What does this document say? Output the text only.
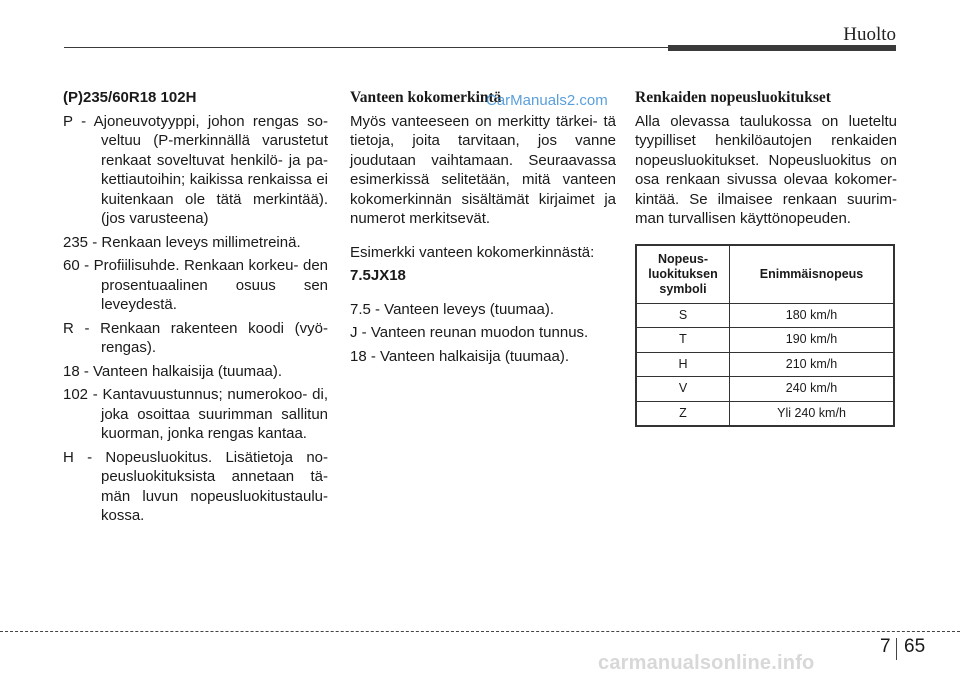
Huolto
(P)235/60R18 102H

P - Ajoneuvotyyppi, johon rengas so- veltuu (P-merkinnällä varustetut renkaat soveltuvat henkilö- ja pa- kettiautoihin; kaikissa renkaissa ei kuitenkaan ole tätä merkintää). (jos varusteena)

235 - Renkaan leveys millimetreinä.

60 - Profiilisuhde. Renkaan korkeu- den prosentuaalinen osuus sen leveydestä.

R - Renkaan rakenteen koodi (vyö- rengas).

18 - Vanteen halkaisija (tuumaa).

102 - Kantavuustunnus; numerokoo- di, joka osoittaa suurimman sallitun kuorman, jonka rengas kantaa.

H - Nopeusluokitus. Lisätietoja no- peusluokituksista annetaan tä- män luvun nopeusluokitustaulu- kossa.

Vanteen kokomerkintä

Myös vanteeseen on merkitty tärkei- tä tietoja, joita tarvitaan, jos vanne joudutaan vaihtamaan. Seuraavassa esimerkissä selitetään, mitä vanteen kokomerkinnän sisältämät kirjaimet ja numerot merkitsevät.

Esimerkki vanteen kokomerkinnästä:

7.5JX18

7.5 - Vanteen leveys (tuumaa).

J - Vanteen reunan muodon tunnus.

18 - Vanteen halkaisija (tuumaa).

CarManuals2.com Renkaiden nopeusluokitukset

Alla olevassa taulukossa on lueteltu tyypilliset henkilöautojen renkaiden nopeusluokitukset. Nopeusluokitus on osa renkaan sivussa olevaa kokomer- kintää. Se ilmaisee renkaan suurim- man turvallisen käyttönopeuden.

Nopeus- luokituksen symboli	Enimmäisnopeus
S	180 km/h
T	190 km/h
H	210 km/h
V	240 km/h
Z	Yli 240 km/h
7 65
carmanualsonline.info
